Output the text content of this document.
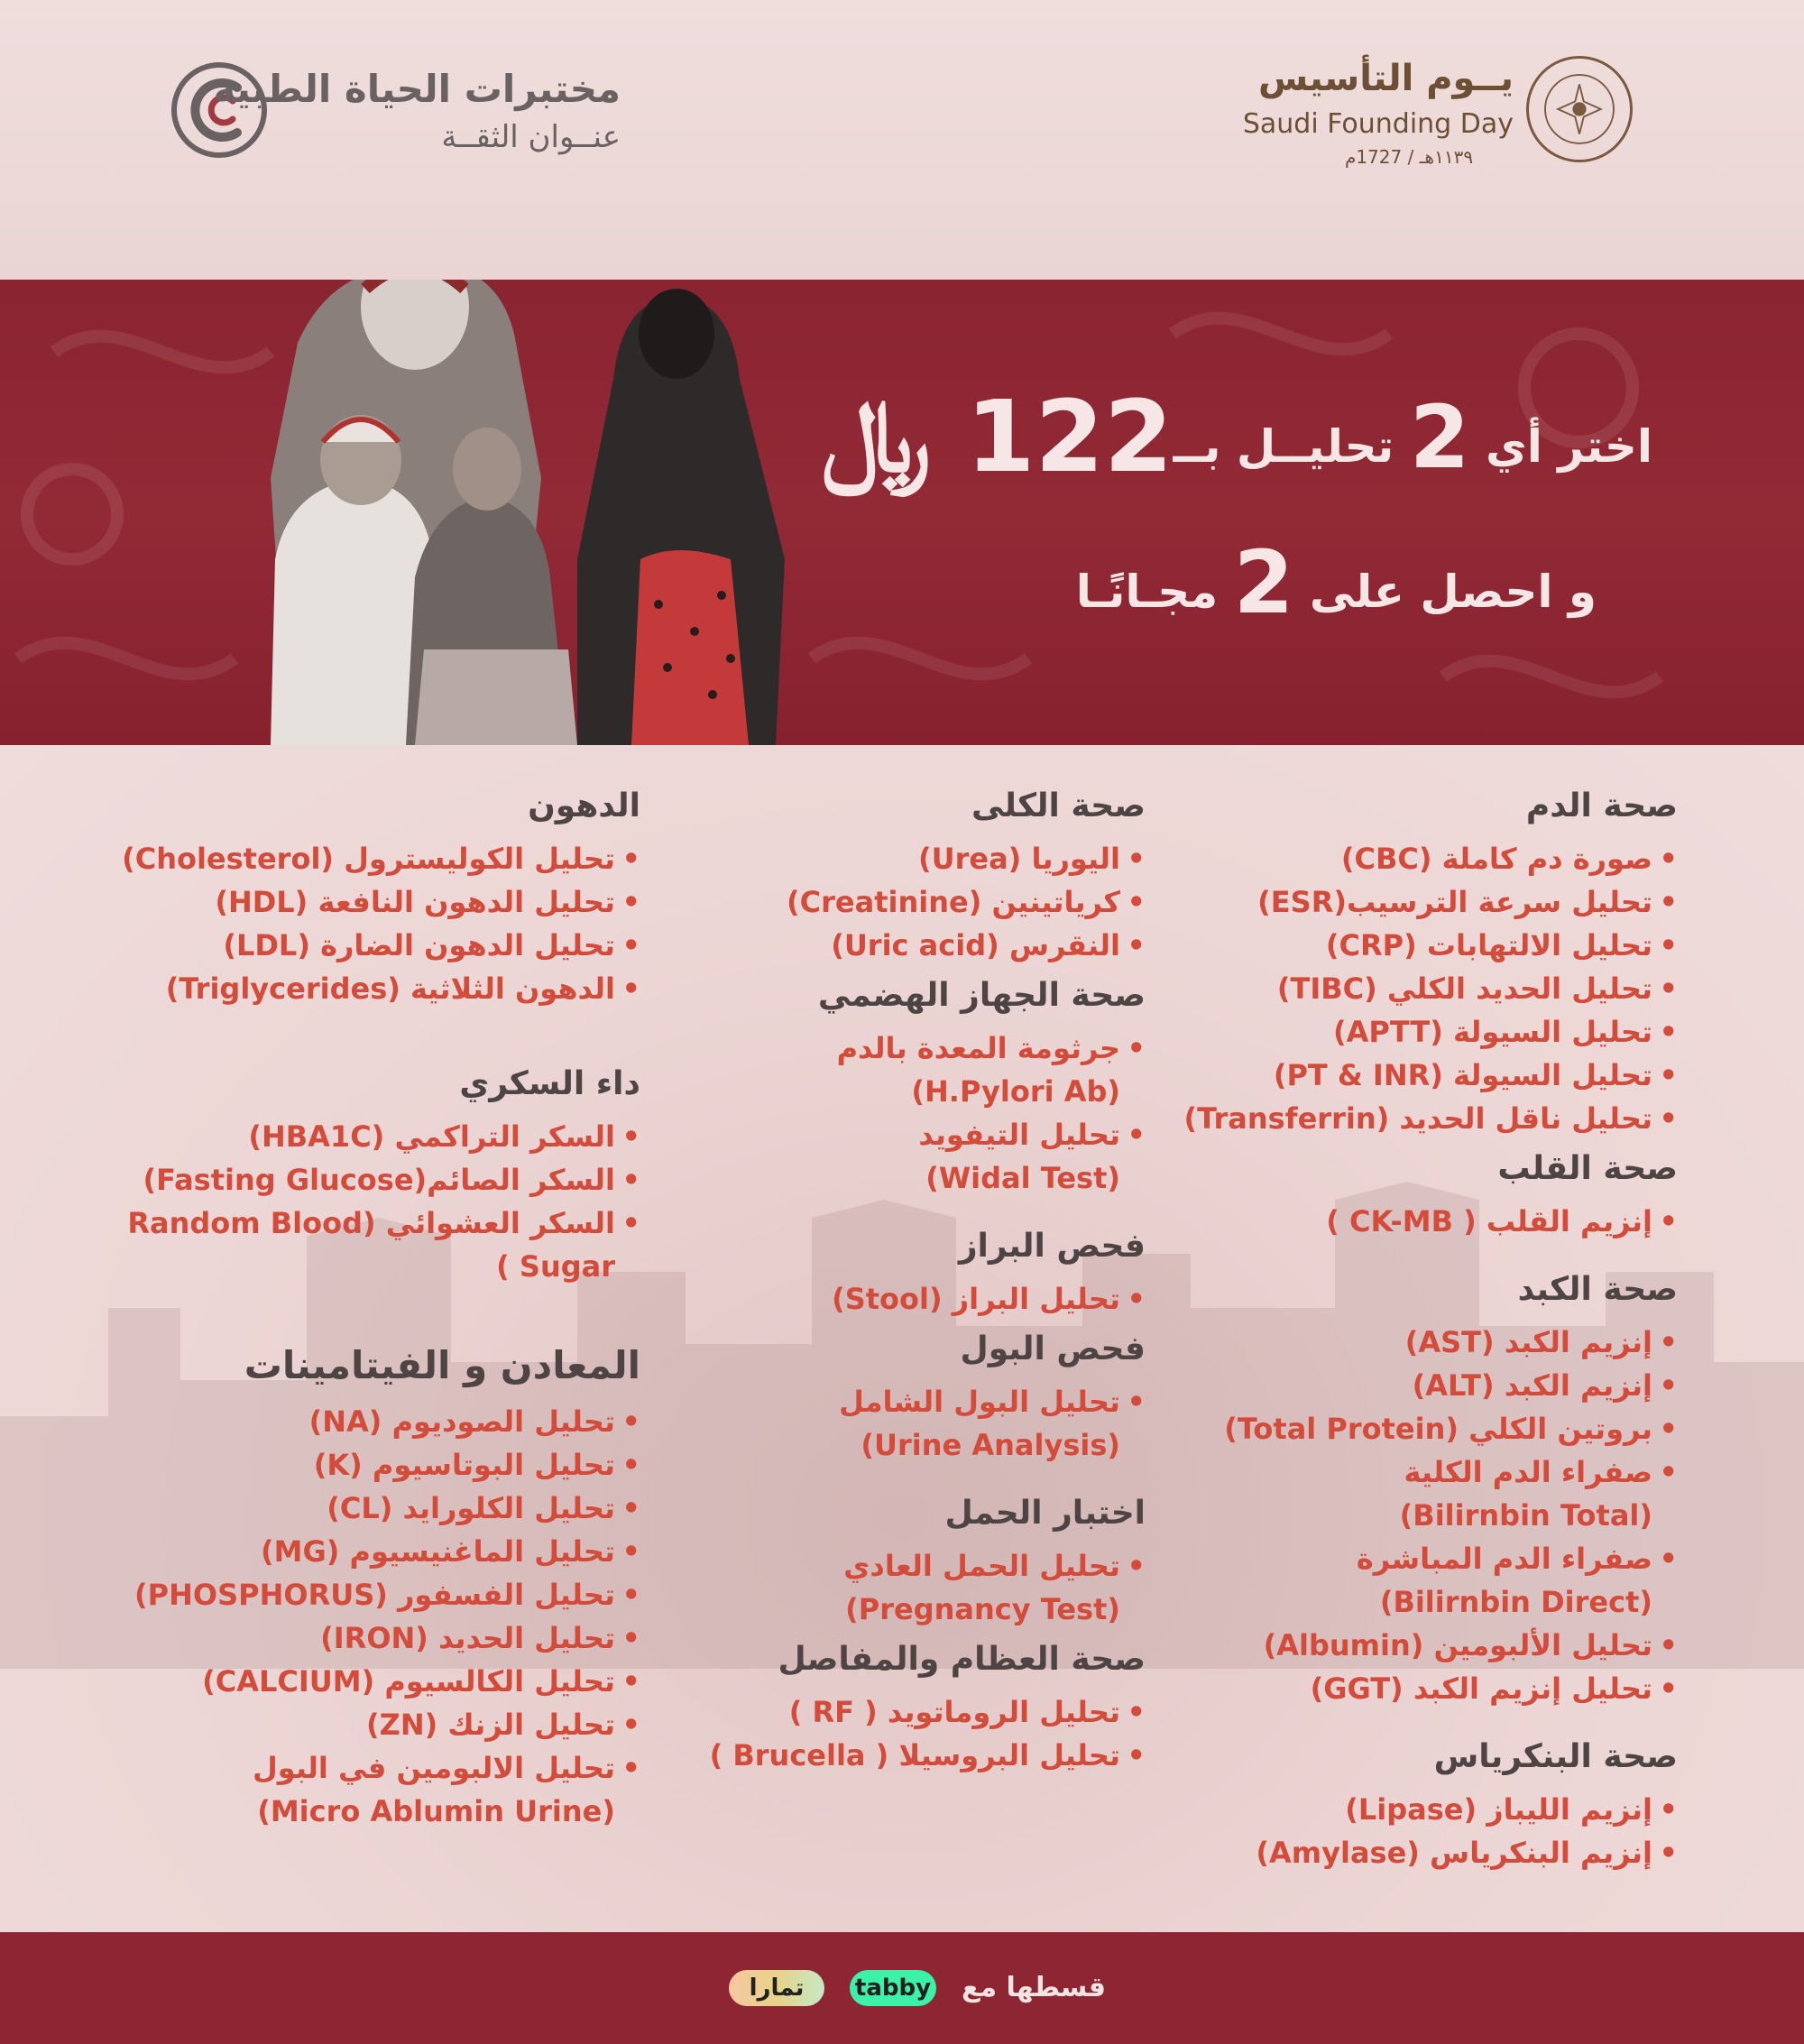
مختبرات الحياة الطبية
عنــوان الثقــة
يــوم التأسيس
Saudi Founding Day
١١٣٩هـ / 1727م
اختر أي 2 تحليــل بــ122 ﷼
و احصل على 2 مجـانًـا
صحة الدم
• صورة دم كاملة (CBC)
• تحليل سرعة الترسيب(ESR)
• تحليل الالتهابات (CRP)
• تحليل الحديد الكلي (TIBC)
• تحليل السيولة (APTT)
• تحليل السيولة (PT & INR)
• تحليل ناقل الحديد (Transferrin)
صحة القلب
• إنزيم القلب ( CK-MB )
صحة الكبد
• إنزيم الكبد (AST)
• إنزيم الكبد (ALT)
• بروتين الكلي (Total Protein)
• صفراء الدم الكلية
(Bilirnbin Total)
• صفراء الدم المباشرة
(Bilirnbin Direct)
• تحليل الألبومين (Albumin)
• تحليل إنزيم الكبد (GGT)
صحة البنكرياس
• إنزيم الليباز (Lipase)
• إنزيم البنكرياس (Amylase)
صحة الكلى
• اليوريا (Urea)
• كرياتينين (Creatinine)
• النقرس (Uric acid)
صحة الجهاز الهضمي
• جرثومة المعدة بالدم
(H.Pylori Ab)
• تحليل التيفويد
(Widal Test)
فحص البراز
• تحليل البراز (Stool)
فحص البول
• تحليل البول الشامل
(Urine Analysis)
اختبار الحمل
• تحليل الحمل العادي
(Pregnancy Test)
صحة العظام والمفاصل
• تحليل الروماتويد ( RF )
• تحليل البروسيلا ( Brucella )
الدهون
• تحليل الكوليسترول (Cholesterol)
• تحليل الدهون النافعة (HDL)
• تحليل الدهون الضارة (LDL)
• الدهون الثلاثية (Triglycerides)
داء السكري
• السكر التراكمي (HBA1C)
• السكر الصائم(Fasting Glucose)
• السكر العشوائي (Random Blood
Sugar )
المعادن و الفيتامينات
• تحليل الصوديوم (NA)
• تحليل البوتاسيوم (K)
• تحليل الكلورايد (CL)
• تحليل الماغنيسيوم (MG)
• تحليل الفسفور (PHOSPHORUS)
• تحليل الحديد (IRON)
• تحليل الكالسيوم (CALCIUM)
• تحليل الزنك (ZN)
• تحليل الالبومين في البول
(Micro Ablumin Urine)
قسطها مع
tabby
تمارا
